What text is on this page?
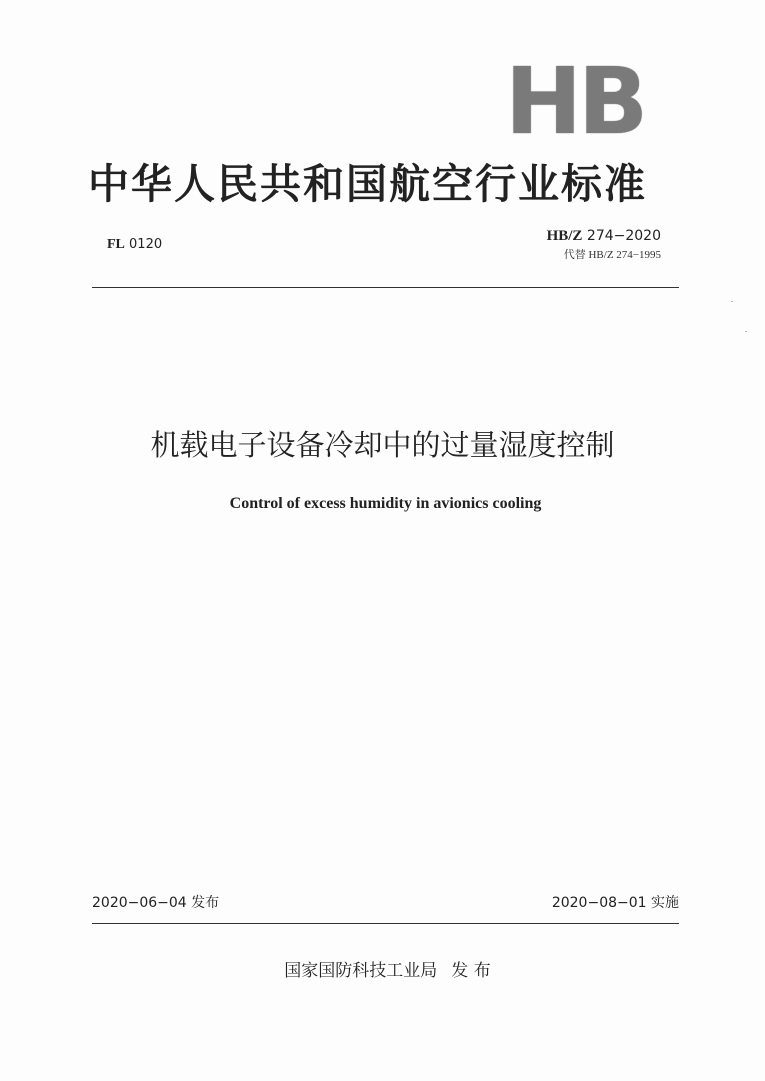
HB
中华人民共和国航空行业标准
FL 0120
HB/Z 274−2020
代替 HB/Z 274−1995
机载电子设备冷却中的过量湿度控制
Control of excess humidity in avionics cooling
2020−06−04 发布	2020−08−01 实施
国家国防科技工业局 发 布
